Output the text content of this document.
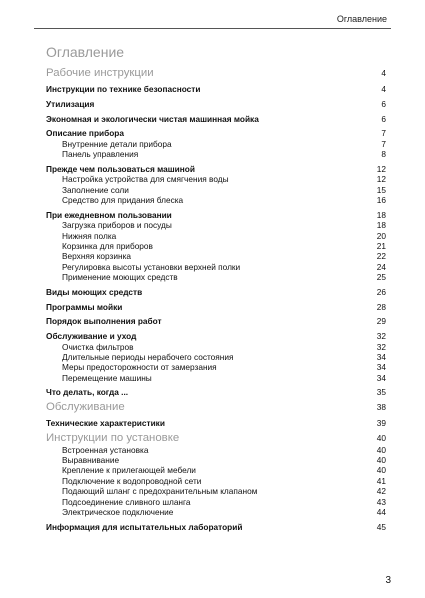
Оглавление
Оглавление
Рабочие инструкции	4
Инструкции по технике безопасности	4
Утилизация	6
Экономная и экологически чистая машинная мойка	6
Описание прибора	7
Внутренние детали прибора	7
Панель управления	8
Прежде чем пользоваться машиной	12
Настройка устройства для смягчения воды	12
Заполнение соли	15
Средство для придания блеска	16
При ежедневном пользовании	18
Загрузка приборов и посуды	18
Нижняя полка	20
Корзинка для приборов	21
Верхняя корзинка	22
Регулировка высоты установки верхней полки	24
Применение моющих средств	25
Виды моющих средств	26
Программы мойки	28
Порядок выполнения работ	29
Обслуживание и уход	32
Очистка фильтров	32
Длительные периоды нерабочего состояния	34
Меры предосторожности от замерзания	34
Перемещение машины	34
Что делать, когда ...	35
Обслуживание	38
Технические характеристики	39
Инструкции по установке	40
Встроенная установка	40
Выравнивание	40
Крепление к прилегающей мебели	40
Подключение к водопроводной сети	41
Подающий шланг с предохранительным клапаном	42
Подсоединение сливного шланга	43
Электрическое подключение	44
Информация для испытательных лабораторий	45
3
